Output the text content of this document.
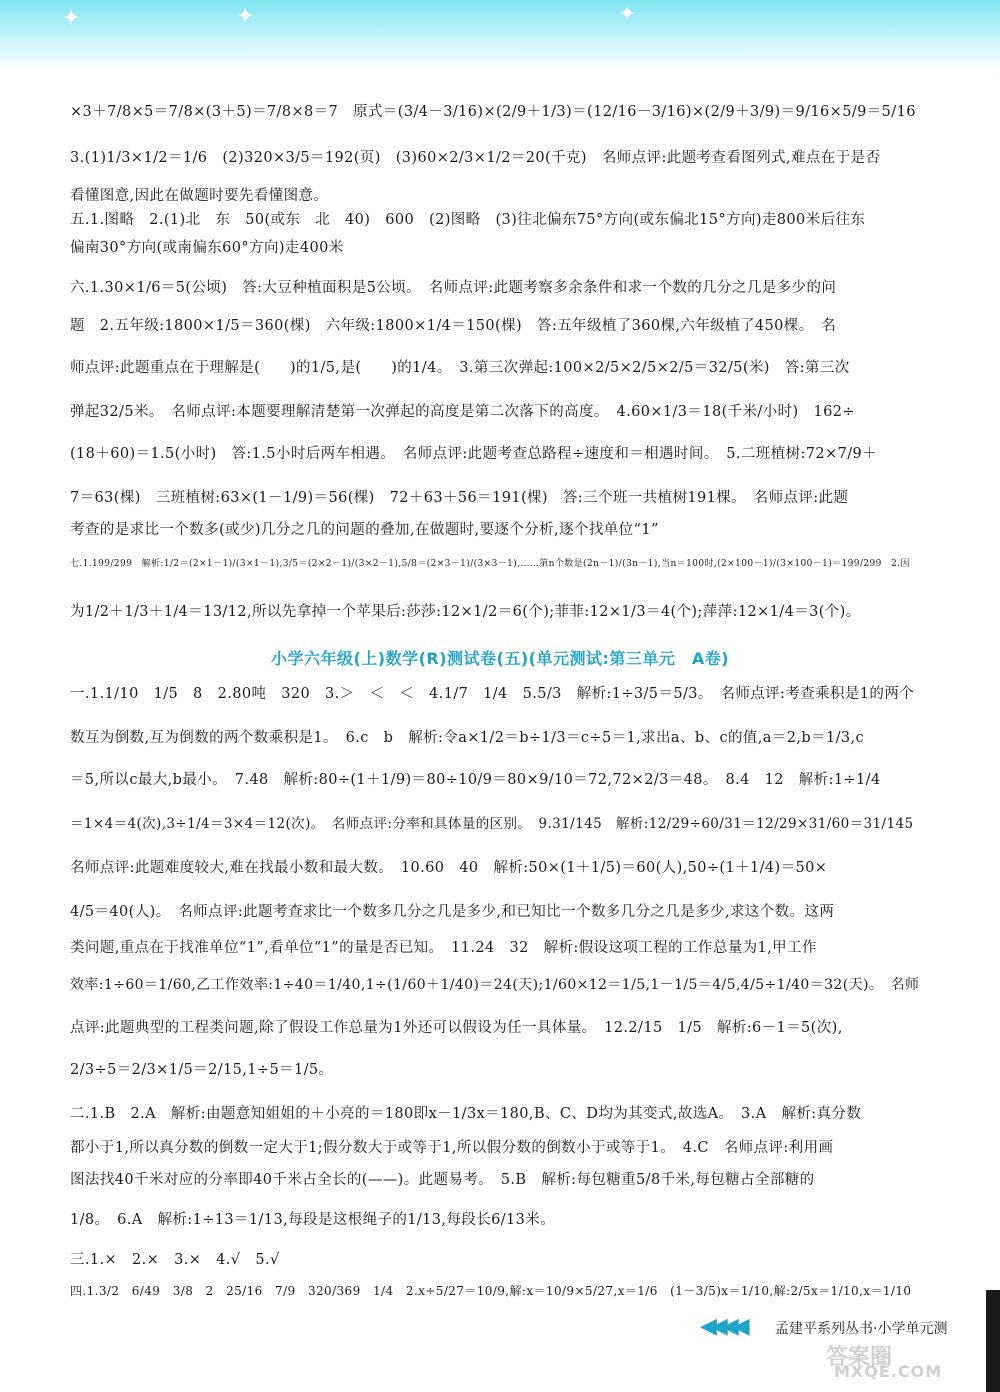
✦	✦	✦
×3＋7/8×5＝7/8×(3＋5)＝7/8×8＝7　原式＝(3/4－3/16)×(2/9＋1/3)＝(12/16－3/16)×(2/9＋3/9)＝9/16×5/9＝5/16
3.(1)1/3×1/2＝1/6　(2)320×3/5＝192(页)　(3)60×2/3×1/2＝20(千克)　名师点评:此题考查看图列式,难点在于是否
看懂图意,因此在做题时要先看懂图意。
五.1.图略　2.(1)北　东　50(或东　北　40)　600　(2)图略　(3)往北偏东75°方向(或东偏北15°方向)走800米后往东
偏南30°方向(或南偏东60°方向)走400米
六.1.30×1/6＝5(公顷)　答:大豆种植面积是5公顷。　名师点评:此题考察多余条件和求一个数的几分之几是多少的问
题　2.五年级:1800×1/5＝360(棵)　六年级:1800×1/4＝150(棵)　答:五年级植了360棵,六年级植了450棵。　名
师点评:此题重点在于理解是(　　)的1/5,是(　　)的1/4。　3.第三次弹起:100×2/5×2/5×2/5＝32/5(米)　答:第三次
弹起32/5米。　名师点评:本题要理解清楚第一次弹起的高度是第二次落下的高度。　4.60×1/3＝18(千米/小时)　162÷
(18＋60)＝1.5(小时)　答:1.5小时后两车相遇。　名师点评:此题考查总路程÷速度和＝相遇时间。　5.二班植树:72×7/9＋
7＝63(棵)　三班植树:63×(1－1/9)＝56(棵)　72＋63＋56＝191(棵)　答:三个班一共植树191棵。　名师点评:此题
考查的是求比一个数多(或少)几分之几的问题的叠加,在做题时,要逐个分析,逐个找单位“1”
七.1.199/299　解析:1/2＝(2×1－1)/(3×1－1),3/5＝(2×2－1)/(3×2－1),5/8＝(2×3－1)/(3×3－1),……第n个数是(2n－1)/(3n－1),当n＝100时,(2×100－1)/(3×100－1)＝199/299　2.因
为1/2＋1/3＋1/4＝13/12,所以先拿掉一个苹果后:莎莎:12×1/2＝6(个);菲菲:12×1/3＝4(个);萍萍:12×1/4＝3(个)。
小学六年级(上)数学(R)测试卷(五)(单元测试:第三单元　A卷)
一.1.1/10　1/5　8　2.80吨　320　3.＞　＜　＜　4.1/7　1/4　5.5/3　解析:1÷3/5＝5/3。　名师点评:考查乘积是1的两个
数互为倒数,互为倒数的两个数乘积是1。　6.c　b　解析:令a×1/2＝b÷1/3＝c÷5＝1,求出a、b、c的值,a＝2,b＝1/3,c
＝5,所以c最大,b最小。　7.48　解析:80÷(1＋1/9)＝80÷10/9＝80×9/10＝72,72×2/3＝48。　8.4　12　解析:1÷1/4
＝1×4＝4(次),3÷1/4＝3×4＝12(次)。　名师点评:分率和具体量的区别。　9.31/145　解析:12/29÷60/31＝12/29×31/60＝31/145
名师点评:此题难度较大,难在找最小数和最大数。　10.60　40　解析:50×(1＋1/5)＝60(人),50÷(1＋1/4)＝50×
4/5＝40(人)。　名师点评:此题考查求比一个数多几分之几是多少,和已知比一个数多几分之几是多少,求这个数。这两
类问题,重点在于找准单位“1”,看单位“1”的量是否已知。　11.24　32　解析:假设这项工程的工作总量为1,甲工作
效率:1÷60＝1/60,乙工作效率:1÷40＝1/40,1÷(1/60＋1/40)＝24(天);1/60×12＝1/5,1－1/5＝4/5,4/5÷1/40＝32(天)。　名师
点评:此题典型的工程类问题,除了假设工作总量为1外还可以假设为任一具体量。　12.2/15　1/5　解析:6－1＝5(次),
2/3÷5＝2/3×1/5＝2/15,1÷5＝1/5。
二.1.B　2.A　解析:由题意知姐姐的＋小亮的＝180即x－1/3x＝180,B、C、D均为其变式,故选A。　3.A　解析:真分数
都小于1,所以真分数的倒数一定大于1;假分数大于或等于1,所以假分数的倒数小于或等于1。　4.C　名师点评:利用画
图法找40千米对应的分率即40千米占全长的(——)。此题易考。　5.B　解析:每包糖重5/8千米,每包糖占全部糖的
1/8。　6.A　解析:1÷13＝1/13,每段是这根绳子的1/13,每段长6/13米。
三.1.×　2.×　3.×　4.√　5.√
四.1.3/2　6/49　3/8　2　25/16　7/9　320/369　1/4　2.x÷5/27＝10/9,解:x＝10/9×5/27,x＝1/6　(1－3/5)x＝1/10,解:2/5x＝1/10,x＝1/10
◀◀◀◀ 孟建平系列丛书·小学单元测
答案圈
MXQE.COM
